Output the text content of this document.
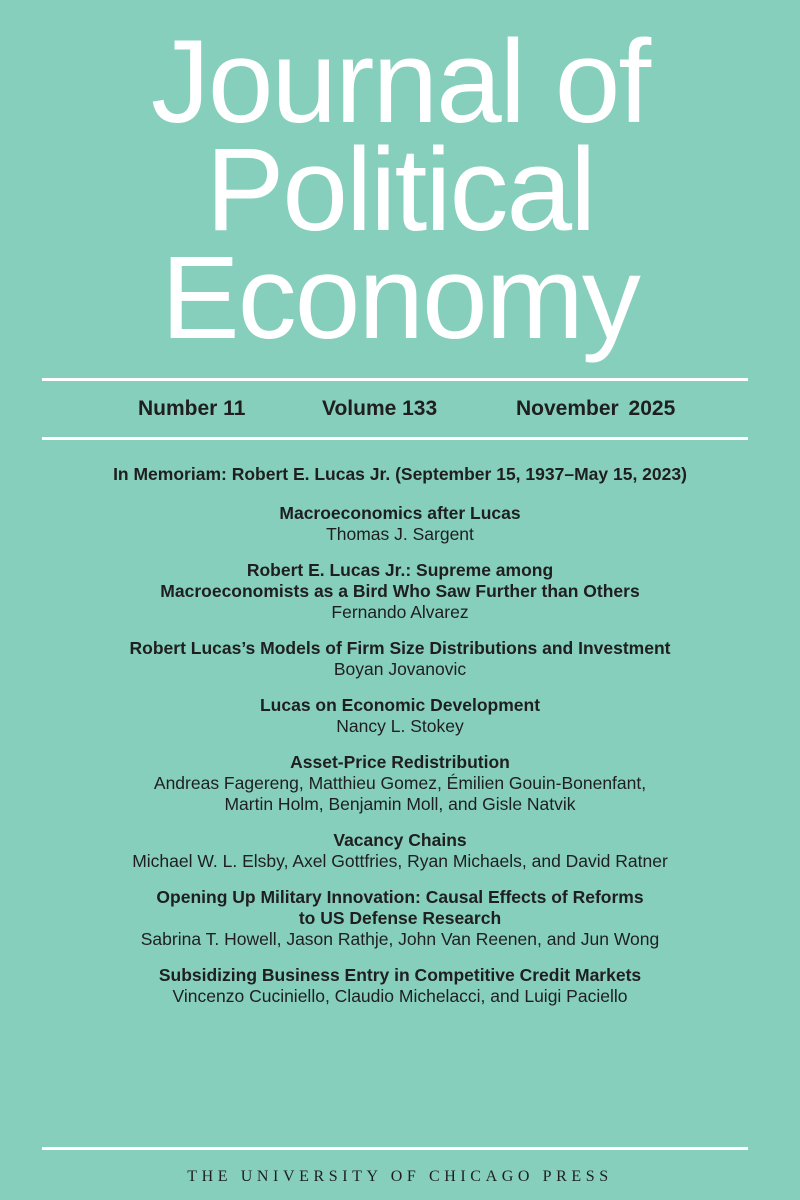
Journal of
Political
Economy
Number 11	Volume 133	November 2025
In Memoriam: Robert E. Lucas Jr. (September 15, 1937–May 15, 2023)
Macroeconomics after Lucas
Thomas J. Sargent
Robert E. Lucas Jr.: Supreme among
Macroeconomists as a Bird Who Saw Further than Others
Fernando Alvarez
Robert Lucas’s Models of Firm Size Distributions and Investment
Boyan Jovanovic
Lucas on Economic Development
Nancy L. Stokey
Asset-Price Redistribution
Andreas Fagereng, Matthieu Gomez, Émilien Gouin-Bonenfant,
Martin Holm, Benjamin Moll, and Gisle Natvik
Vacancy Chains
Michael W. L. Elsby, Axel Gottfries, Ryan Michaels, and David Ratner
Opening Up Military Innovation: Causal Effects of Reforms
to US Defense Research
Sabrina T. Howell, Jason Rathje, John Van Reenen, and Jun Wong
Subsidizing Business Entry in Competitive Credit Markets
Vincenzo Cuciniello, Claudio Michelacci, and Luigi Paciello
THE UNIVERSITY OF CHICAGO PRESS
